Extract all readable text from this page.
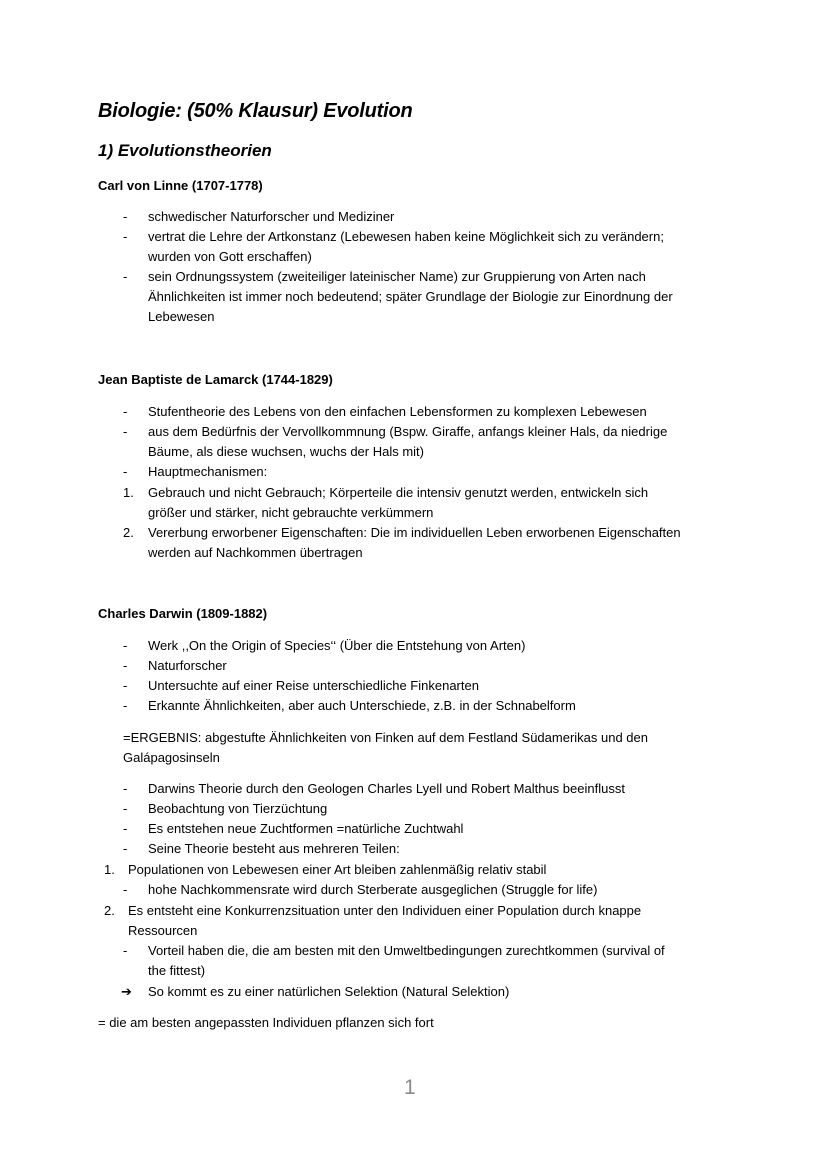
Biologie: (50% Klausur) Evolution
1) Evolutionstheorien
Carl von Linne (1707-1778)
- schwedischer Naturforscher und Mediziner
- vertrat die Lehre der Artkonstanz (Lebewesen haben keine Möglichkeit sich zu verändern;
wurden von Gott erschaffen)
- sein Ordnungssystem (zweiteiliger lateinischer Name) zur Gruppierung von Arten nach
Ähnlichkeiten ist immer noch bedeutend; später Grundlage der Biologie zur Einordnung der
Lebewesen
Jean Baptiste de Lamarck (1744-1829)
- Stufentheorie des Lebens von den einfachen Lebensformen zu komplexen Lebewesen
- aus dem Bedürfnis der Vervollkommnung (Bspw. Giraffe, anfangs kleiner Hals, da niedrige
Bäume, als diese wuchsen, wuchs der Hals mit)
- Hauptmechanismen:
1. Gebrauch und nicht Gebrauch; Körperteile die intensiv genutzt werden, entwickeln sich
größer und stärker, nicht gebrauchte verkümmern
2. Vererbung erworbener Eigenschaften: Die im individuellen Leben erworbenen Eigenschaften
werden auf Nachkommen übertragen
Charles Darwin (1809-1882)
- Werk ,,On the Origin of Species‘‘ (Über die Entstehung von Arten)
- Naturforscher
- Untersuchte auf einer Reise unterschiedliche Finkenarten
- Erkannte Ähnlichkeiten, aber auch Unterschiede, z.B. in der Schnabelform
=ERGEBNIS: abgestufte Ähnlichkeiten von Finken auf dem Festland Südamerikas und den
Galápagosinseln
- Darwins Theorie durch den Geologen Charles Lyell und Robert Malthus beeinflusst
- Beobachtung von Tierzüchtung
- Es entstehen neue Zuchtformen =natürliche Zuchtwahl
- Seine Theorie besteht aus mehreren Teilen:
1. Populationen von Lebewesen einer Art bleiben zahlenmäßig relativ stabil
- hohe Nachkommensrate wird durch Sterberate ausgeglichen (Struggle for life)
2. Es entsteht eine Konkurrenzsituation unter den Individuen einer Population durch knappe
Ressourcen
- Vorteil haben die, die am besten mit den Umweltbedingungen zurechtkommen (survival of
the fittest)
➔ So kommt es zu einer natürlichen Selektion (Natural Selektion)
= die am besten angepassten Individuen pflanzen sich fort
1
